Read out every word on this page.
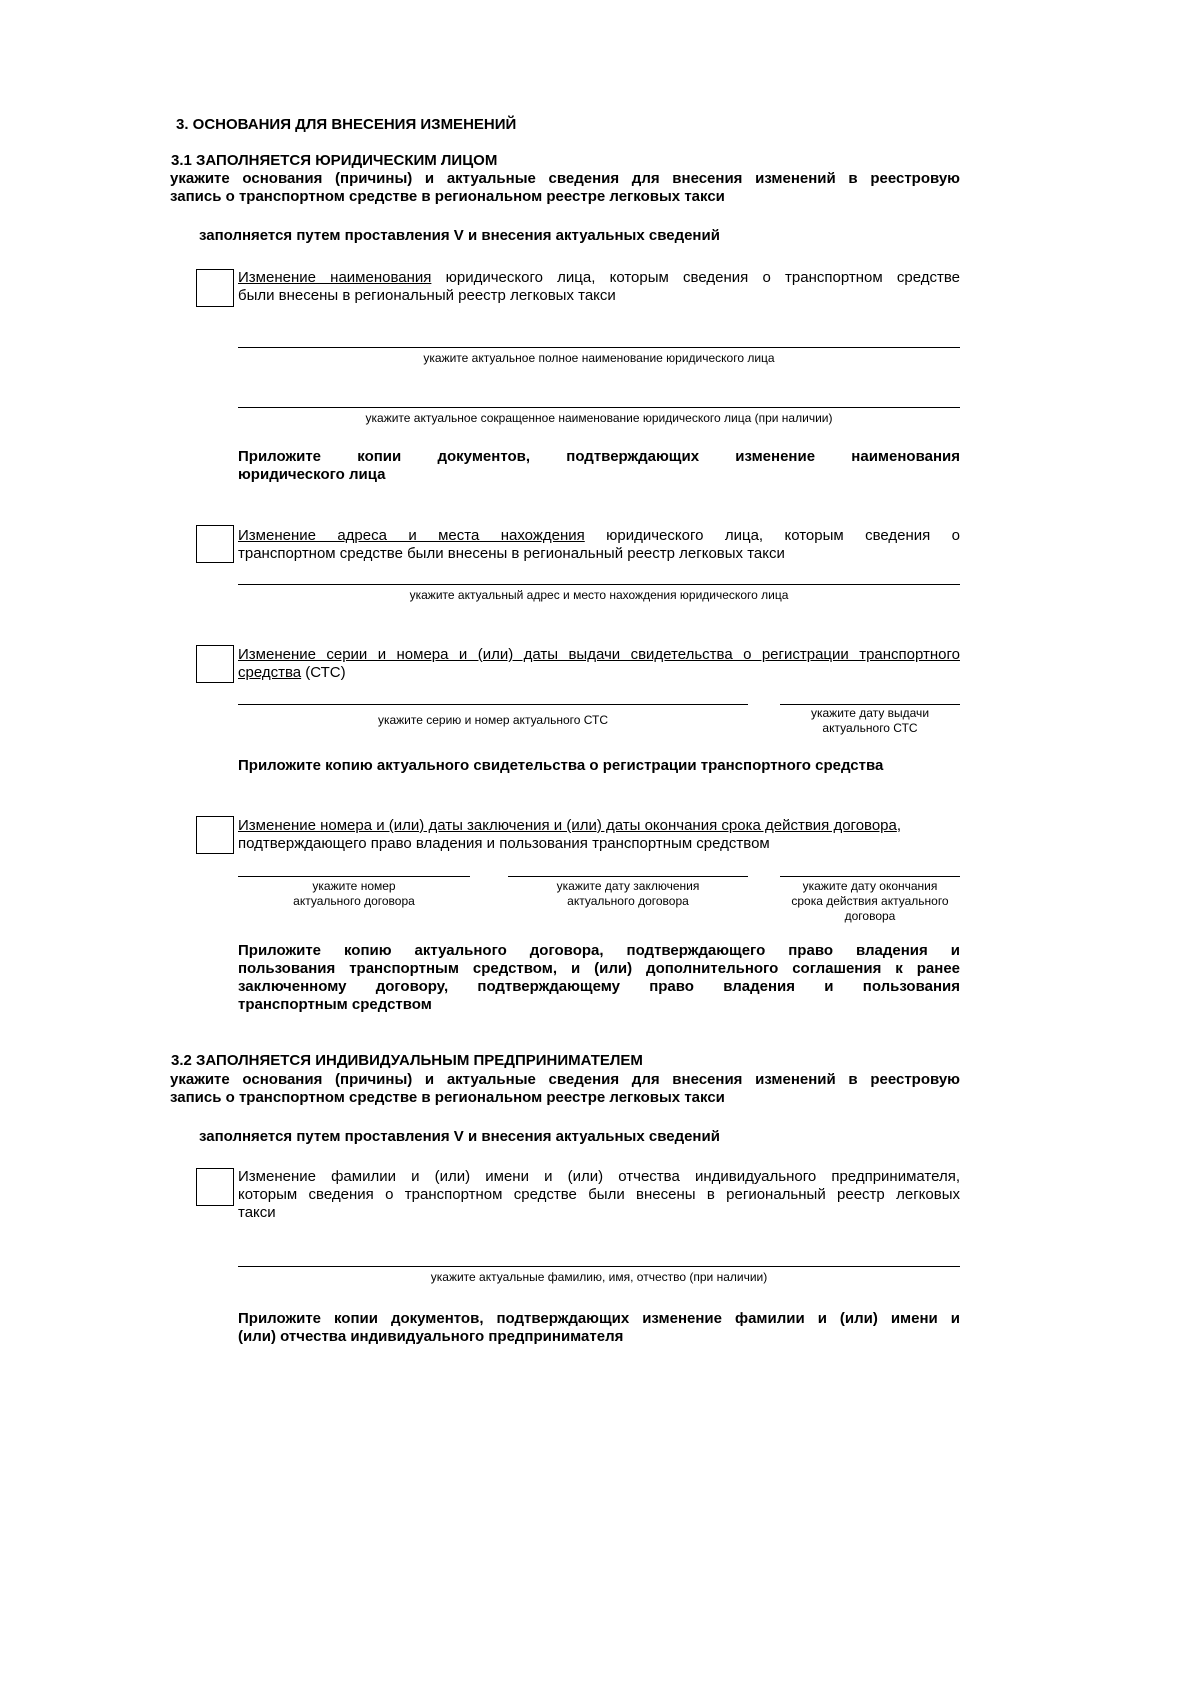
3. ОСНОВАНИЯ ДЛЯ ВНЕСЕНИЯ ИЗМЕНЕНИЙ
3.1 ЗАПОЛНЯЕТСЯ ЮРИДИЧЕСКИМ ЛИЦОМ
укажите основания (причины) и актуальные сведения для внесения изменений в реестровую
запись о транспортном средстве в региональном реестре легковых такси
заполняется путем проставления V и внесения актуальных сведений
Изменение наименования юридического лица, которым сведения о транспортном средстве
были внесены в региональный реестр легковых такси
укажите актуальное полное наименование юридического лица
укажите актуальное сокращенное наименование юридического лица (при наличии)
Приложите копии документов, подтверждающих изменение наименования
юридического лица
Изменение адреса и места нахождения юридического лица, которым сведения о
транспортном средстве были внесены в региональный реестр легковых такси
укажите актуальный адрес и место нахождения юридического лица
Изменение серии и номера и (или) даты выдачи свидетельства о регистрации транспортного
средства (СТС)
укажите серию и номер актуального СТС	укажите дату выдачи
актуального СТС
Приложите копию актуального свидетельства о регистрации транспортного средства
Изменение номера и (или) даты заключения и (или) даты окончания срока действия договора,
подтверждающего право владения и пользования транспортным средством
укажите номер
актуального договора
укажите дату заключения
актуального договора
укажите дату окончания
срока действия актуального
договора
Приложите копию актуального договора, подтверждающего право владения и
пользования транспортным средством, и (или) дополнительного соглашения к ранее
заключенному договору, подтверждающему право владения и пользования
транспортным средством
3.2 ЗАПОЛНЯЕТСЯ ИНДИВИДУАЛЬНЫМ ПРЕДПРИНИМАТЕЛЕМ
укажите основания (причины) и актуальные сведения для внесения изменений в реестровую
запись о транспортном средстве в региональном реестре легковых такси
заполняется путем проставления V и внесения актуальных сведений
Изменение фамилии и (или) имени и (или) отчества индивидуального предпринимателя,
которым сведения о транспортном средстве были внесены в региональный реестр легковых
такси
укажите актуальные фамилию, имя, отчество (при наличии)
Приложите копии документов, подтверждающих изменение фамилии и (или) имени и
(или) отчества индивидуального предпринимателя
